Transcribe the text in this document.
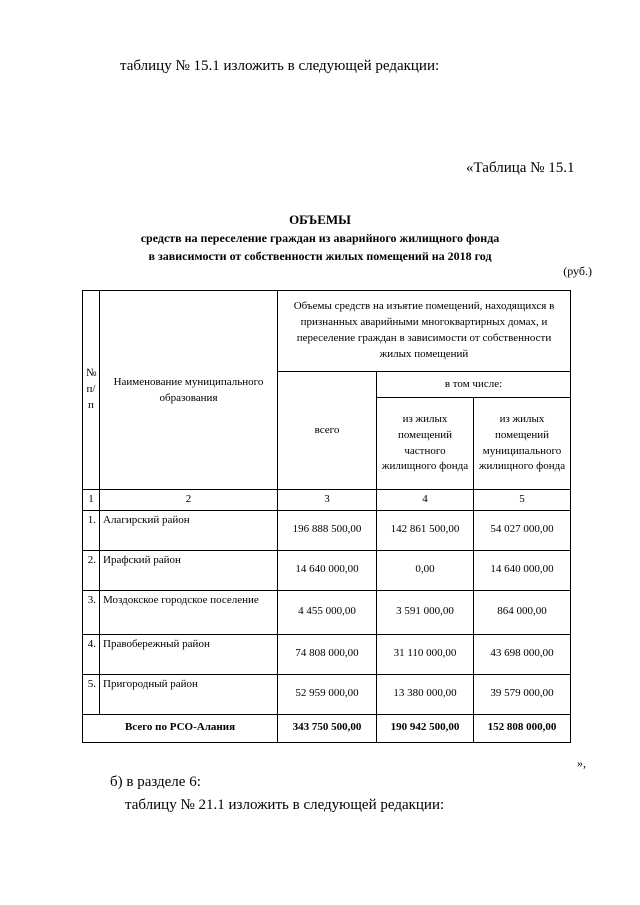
таблицу № 15.1 изложить в следующей редакции:
«Таблица № 15.1
ОБЪЕМЫ
средств на переселение граждан из аварийного жилищного фонда
в зависимости от собственности жилых помещений на 2018 год
(руб.)
№ п/п	Наименование муниципального образования	Объемы средств на изъятие помещений, находящихся в признанных аварийными многоквартирных домах, и переселение граждан в зависимости от собственности жилых помещений		
		всего	в том числе:	
			из жилых помещений частного жилищного фонда	из жилых помещений муниципального жилищного фонда
1	2	3	4	5
1.	Алагирский район	196 888 500,00	142 861 500,00	54 027 000,00
2.	Ирафский район	14 640 000,00	0,00	14 640 000,00
3.	Моздокское городское поселение	4 455 000,00	3 591 000,00	864 000,00
4.	Правобережный район	74 808 000,00	31 110 000,00	43 698 000,00
5.	Пригородный район	52 959 000,00	13 380 000,00	39 579 000,00
Всего по РСО-Алания		343 750 500,00	190 942 500,00	152 808 000,00
»,
б) в разделе 6:
таблицу № 21.1 изложить в следующей редакции:
